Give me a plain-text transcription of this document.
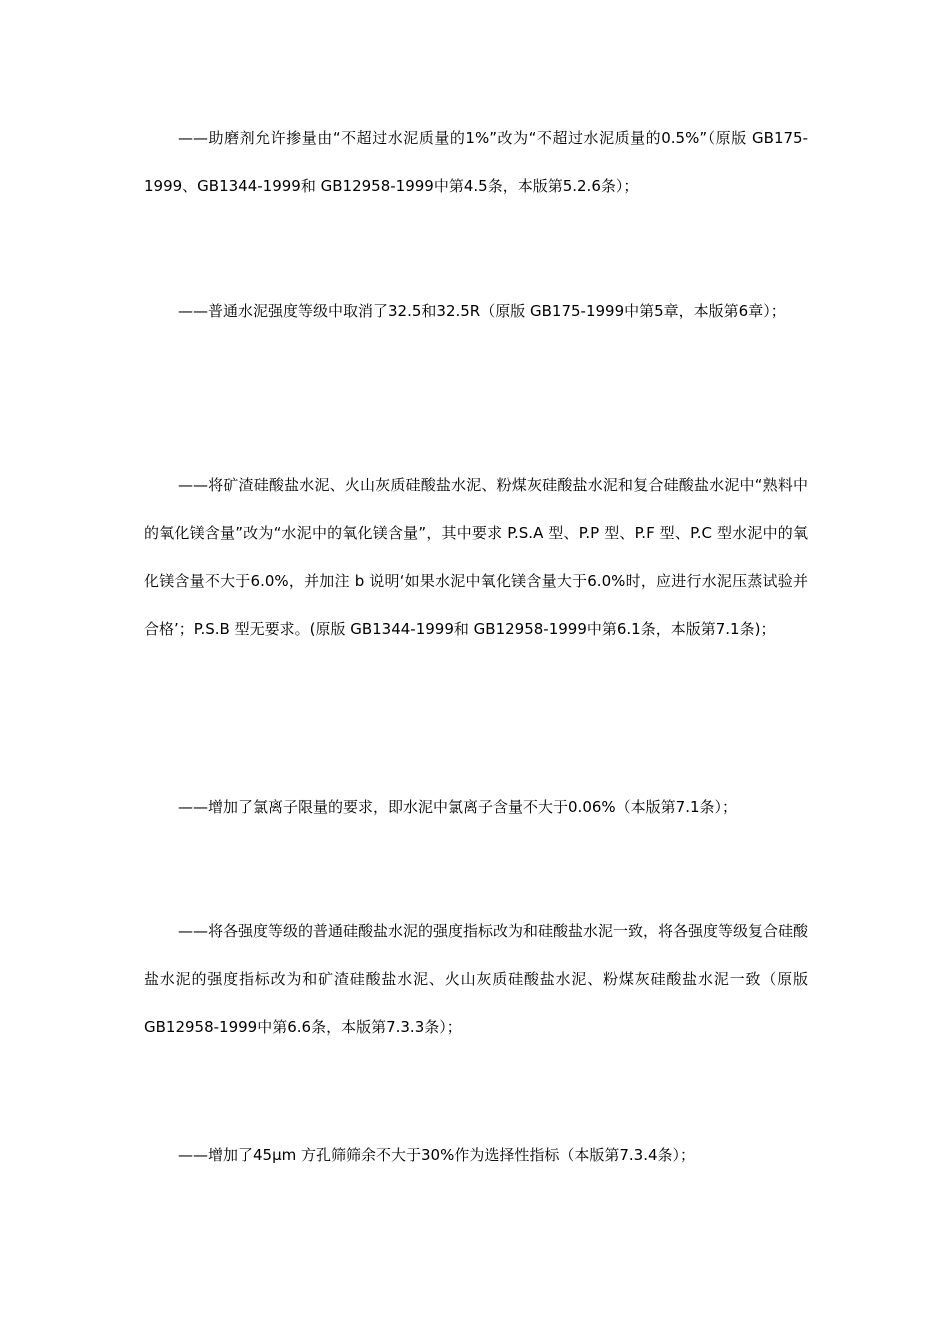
——助磨剂允许掺量由“不超过水泥质量的1%”改为“不超过水泥质量的0.5%”（原版 GB175-1999、GB1344-1999和 GB12958-1999中第4.5条，本版第5.2.6条）；

——普通水泥强度等级中取消了32.5和32.5R（原版 GB175-1999中第5章，本版第6章）；

——将矿渣硅酸盐水泥、火山灰质硅酸盐水泥、粉煤灰硅酸盐水泥和复合硅酸盐水泥中“熟料中的氧化镁含量”改为“水泥中的氧化镁含量”，其中要求 P.S.A 型、P.P 型、P.F 型、P.C 型水泥中的氧化镁含量不大于6.0%，并加注 b 说明‘如果水泥中氧化镁含量大于6.0%时，应进行水泥压蒸试验并合格’；P.S.B 型无要求。(原版 GB1344-1999和 GB12958-1999中第6.1条，本版第7.1条)；

——增加了氯离子限量的要求，即水泥中氯离子含量不大于0.06%（本版第7.1条）；

——将各强度等级的普通硅酸盐水泥的强度指标改为和硅酸盐水泥一致，将各强度等级复合硅酸盐水泥的强度指标改为和矿渣硅酸盐水泥、火山灰质硅酸盐水泥、粉煤灰硅酸盐水泥一致（原版 GB12958-1999中第6.6条，本版第7.3.3条）；

——增加了45μm 方孔筛筛余不大于30%作为选择性指标（本版第7.3.4条）；
